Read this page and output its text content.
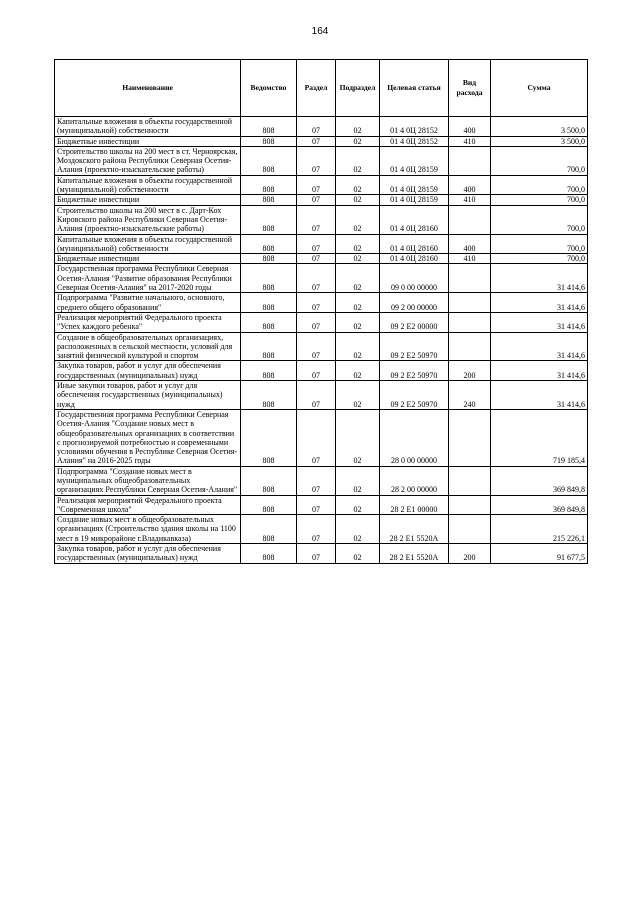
164
Наименование	Ведомство	Раздел	Подраздел	Целевая статья	Вид расхода	Сумма
Капитальные вложения в объекты государственной (муниципальной) собственности	808	07	02	01 4 0Ц 28152	400	3 500,0
Бюджетные инвестиции	808	07	02	01 4 0Ц 28152	410	3 500,0
Строительство школы на 200 мест в ст. Черноярская, Моздокского района Республики Северная Осетия-Алания (проектно-изыскательские работы)	808	07	02	01 4 0Ц 28159		700,0
Капитальные вложения в объекты государственной (муниципальной) собственности	808	07	02	01 4 0Ц 28159	400	700,0
Бюджетные инвестиции	808	07	02	01 4 0Ц 28159	410	700,0
Строительство школы на 200 мест в с. Дарт-Кох Кировского района Республики Северная Осетия-Алания (проектно-изыскательские работы)	808	07	02	01 4 0Ц 28160		700,0
Капитальные вложения в объекты государственной (муниципальной) собственности	808	07	02	01 4 0Ц 28160	400	700,0
Бюджетные инвестиции	808	07	02	01 4 0Ц 28160	410	700,0
Государственная программа Республики Северная Осетия-Алания "Развитие образования Республики Северная Осетия-Алания" на 2017-2020 годы	808	07	02	09 0 00 00000		31 414,6
Подпрограмма "Развитие начального, основного, среднего общего образования"	808	07	02	09 2 00 00000		31 414,6
Реализация мероприятий Федерального проекта "Успех каждого ребенка"	808	07	02	09 2 E2 00000		31 414,6
Создание в общеобразовательных организациях, расположенных в сельской местности, условий для занятий физической культурой и спортом	808	07	02	09 2 E2 50970		31 414,6
Закупка товаров, работ и услуг для обеспечения государственных (муниципальных) нужд	808	07	02	09 2 E2 50970	200	31 414,6
Иные закупки товаров, работ и услуг для обеспечения государственных (муниципальных) нужд	808	07	02	09 2 E2 50970	240	31 414,6
Государственная программа Республики Северная Осетия-Алания "Создание новых мест в общеобразовательных организациях в соответствии с прогнозируемой потребностью и современными условиями обучения в Республике Северная Осетия-Алания" на 2016-2025 годы	808	07	02	28 0 00 00000		719 185,4
Подпрограмма "Создание новых мест в муниципальных общеобразовательных организациях Республики Северная Осетия-Алания"	808	07	02	28 2 00 00000		369 849,8
Реализация мероприятий Федерального проекта "Современная школа"	808	07	02	28 2 E1 00000		369 849,8
Создание новых мест в общеобразовательных организациях (Строительство здания школы на 1100 мест в 19 микрорайоне г.Владикавказа)	808	07	02	28 2 E1 5520A		215 226,1
Закупка товаров, работ и услуг для обеспечения государственных (муниципальных) нужд	808	07	02	28 2 E1 5520A	200	91 677,5
